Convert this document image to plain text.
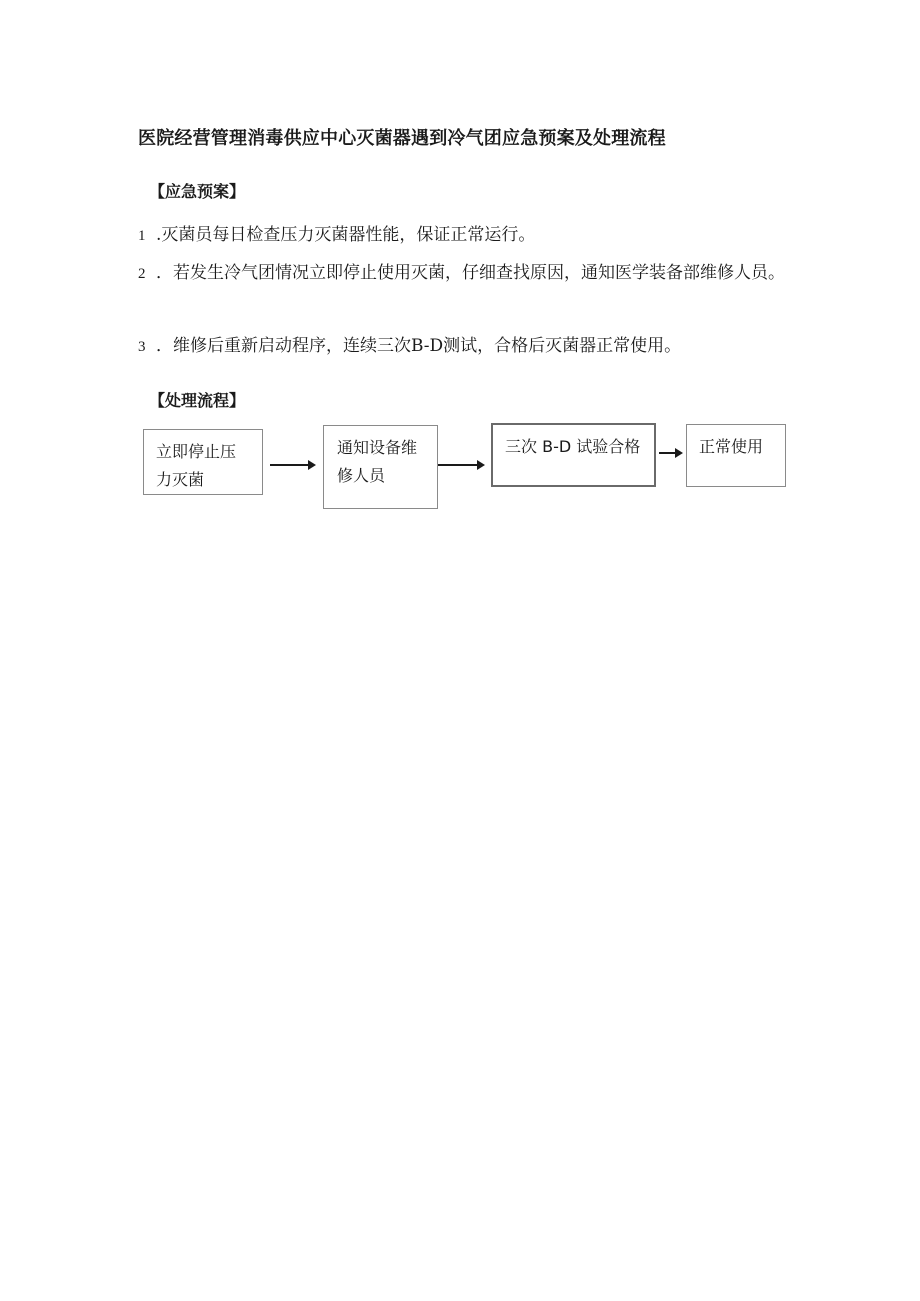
医院经营管理消毒供应中心灭菌器遇到冷气团应急预案及处理流程
【应急预案】
1 .灭菌员每日检查压力灭菌器性能，保证正常运行。
2 ．若发生冷气团情况立即停止使用灭菌，仔细查找原因，通知医学装备部维修人员。
3 ．维修后重新启动程序，连续三次B-D测试，合格后灭菌器正常使用。
【处理流程】
立即停止压
力灭菌
通知设备维
修人员
三次 B-D 试验合格	正常使用
